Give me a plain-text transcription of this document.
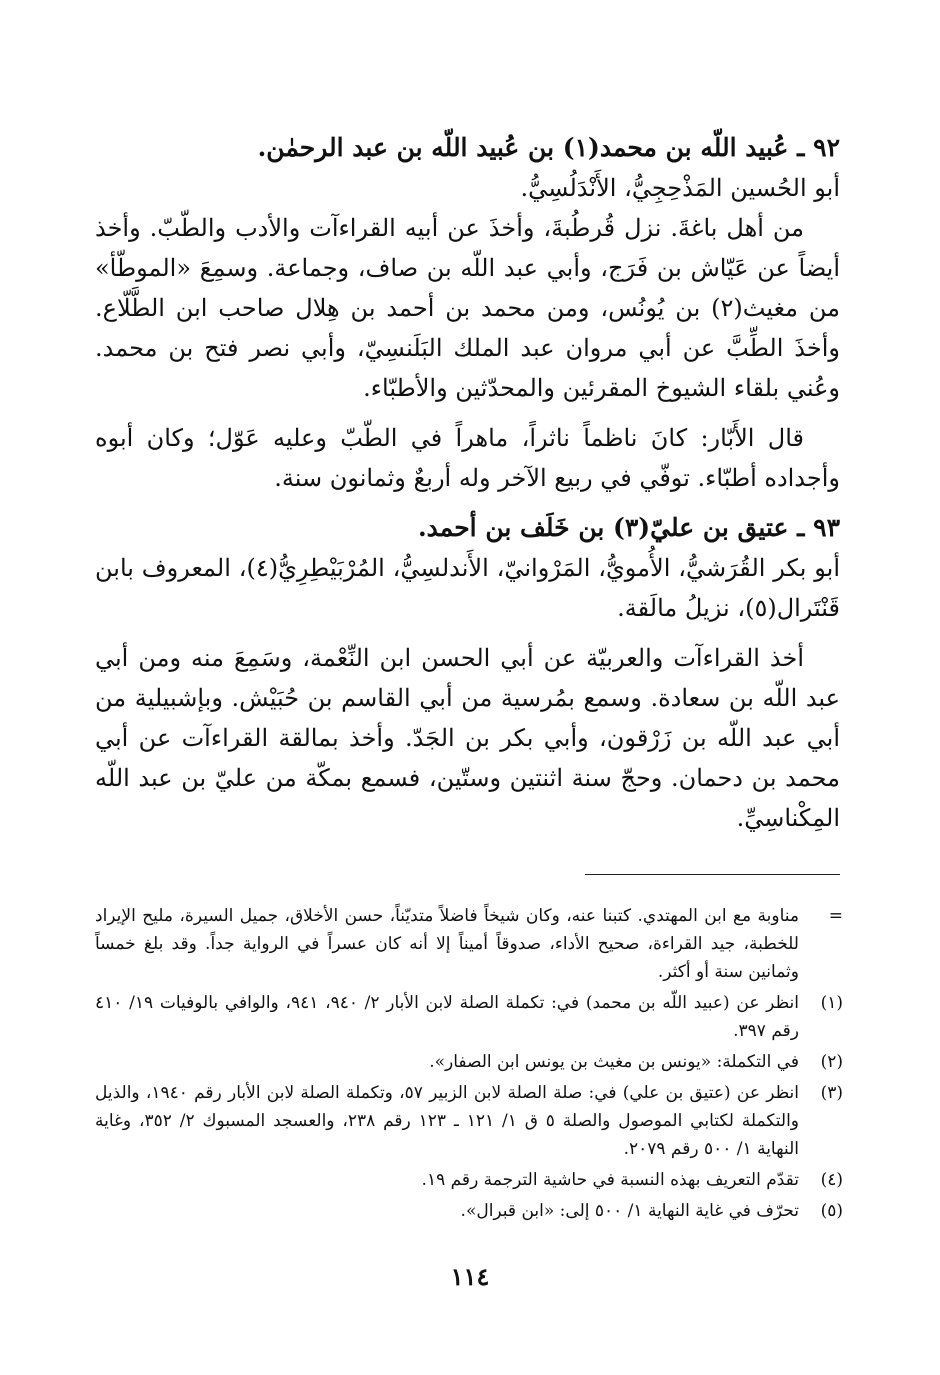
٩٢ ـ عُبيد اللّه بن محمد(١) بن عُبيد اللّه بن عبد الرحمٰن.

أبو الحُسين المَذْحِجِيُّ، الأَنْدَلُسِيُّ.

من أهل باغةَ. نزل قُرطُبةَ، وأخذَ عن أبيه القراءآت والأدب والطّبّ. وأخذ أيضاً عن عَيّاش بن فَرَج، وأبي عبد اللّه بن صاف، وجماعة. وسمِعَ «الموطّأ» من مغيث(٢) بن يُونُس، ومن محمد بن أحمد بن هِلال صاحب ابن الطَّلّاع. وأخذَ الطِّبَّ عن أبي مروان عبد الملك البَلَنسِيّ، وأبي نصر فتح بن محمد. وعُني بلقاء الشيوخ المقرئين والمحدّثين والأطبّاء.

قال الأَبّار: كانَ ناظماً ناثراً، ماهراً في الطّبّ وعليه عَوّل؛ وكان أبوه وأجداده أطبّاء. توفّي في ربيع الآخر وله أربعٌ وثمانون سنة.

٩٣ ـ عتيق بن عليّ(٣) بن خَلَف بن أحمد.

أبو بكر القُرَشيُّ، الأُمويُّ، المَرْوانيّ، الأَندلسِيُّ، المُرْبَيْطِرِيُّ(٤)، المعروف بابن قَنْتَرال(٥)، نزيلُ مالَقة.

أخذ القراءآت والعربيّة عن أبي الحسن ابن النِّعْمة، وسَمِعَ منه ومن أبي عبد اللّه بن سعادة. وسمع بمُرسية من أبي القاسم بن حُبَيْش. وبإشبيلية من أبي عبد اللّه بن زَرْقون، وأبي بكر بن الجَدّ. وأخذ بمالقة القراءآت عن أبي محمد بن دحمان. وحجّ سنة اثنتين وستّين، فسمع بمكّة من عليّ بن عبد اللّه المِكْناسِيِّ.

=
مناوبة مع ابن المهتدي. كتبنا عنه، وكان شيخاً فاضلاً متديّناً، حسن الأخلاق، جميل السيرة، مليح الإيراد للخطبة، جيد القراءة، صحيح الأداء، صدوقاً أميناً إلا أنه كان عسراً في الرواية جداً. وقد بلغ خمساً وثمانين سنة أو أكثر.
(١)
انظر عن (عبيد اللّه بن محمد) في: تكملة الصلة لابن الأبار ٢/ ٩٤٠، ٩٤١، والوافي بالوفيات ١٩/ ٤١٠ رقم ٣٩٧.
(٢)
في التكملة: «يونس بن مغيث بن يونس ابن الصفار».
(٣)
انظر عن (عتيق بن علي) في: صلة الصلة لابن الزبير ٥٧، وتكملة الصلة لابن الأبار رقم ١٩٤٠، والذيل والتكملة لكتابي الموصول والصلة ٥ ق ١/ ١٢١ ـ ١٢٣ رقم ٢٣٨، والعسجد المسبوك ٢/ ٣٥٢، وغاية النهاية ١/ ٥٠٠ رقم ٢٠٧٩.
(٤)
تقدّم التعريف بهذه النسبة في حاشية الترجمة رقم ١٩.
(٥)
تحرّف في غاية النهاية ١/ ٥٠٠ إلى: «ابن قبرال».
١١٤
